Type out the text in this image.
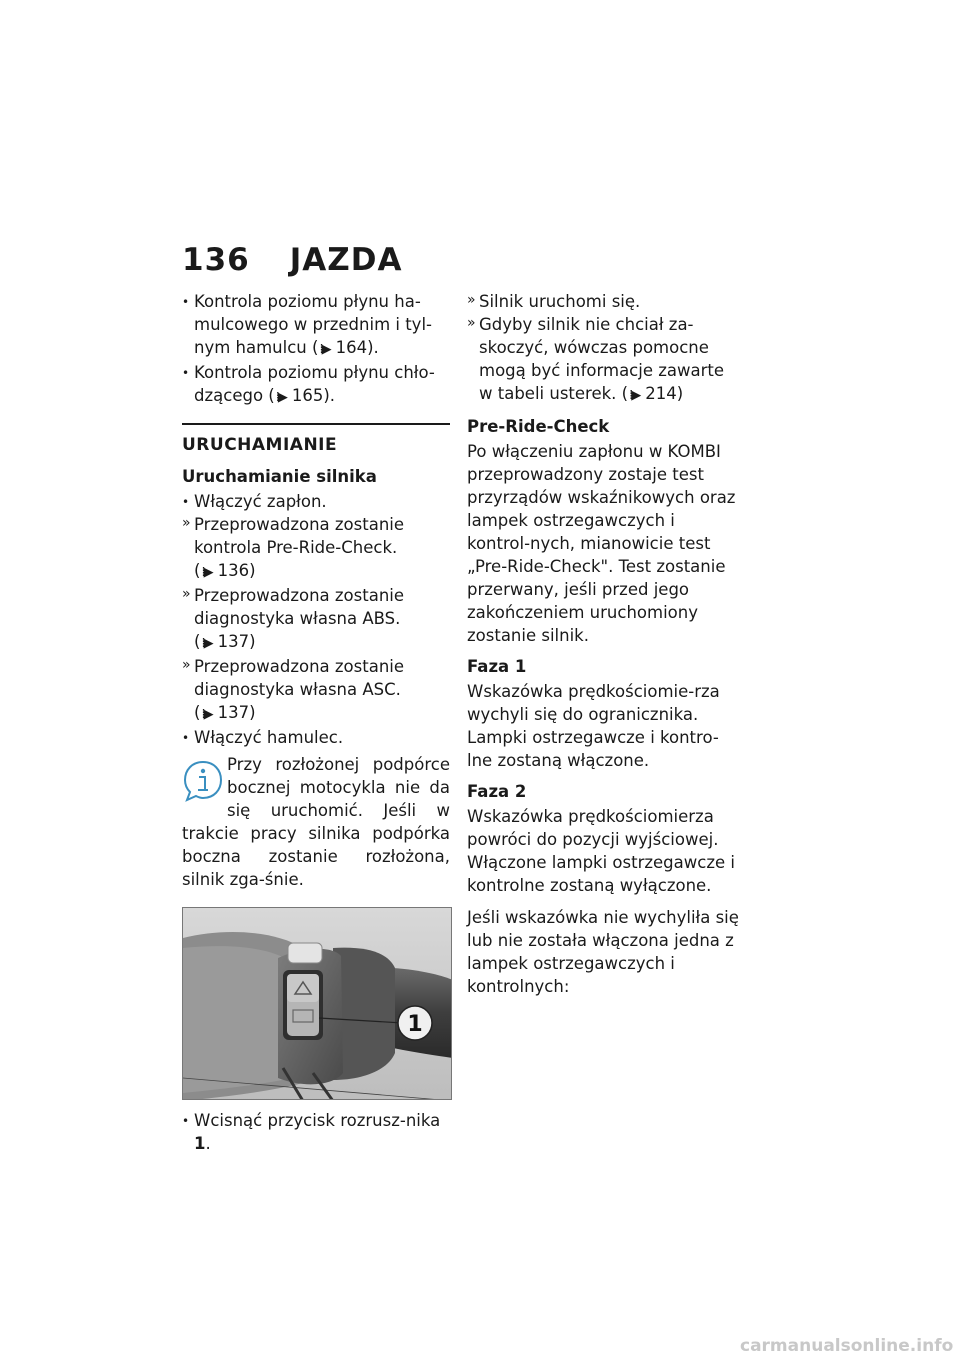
136 JAZDA
• Kontrola poziomu płynu ha-mulcowego w przednim i tyl-nym hamulcu (⁞▶ 164).
• Kontrola poziomu płynu chło-dzącego (⁞▶ 165).
URUCHAMIANIE
Uruchamianie silnika
• Włączyć zapłon.
» Przeprowadzona zostanie kontrola Pre-Ride-Check.
(⁞▶ 136)
» Przeprowadzona zostanie diagnostyka własna ABS.
(⁞▶ 137)
» Przeprowadzona zostanie diagnostyka własna ASC.
(⁞▶ 137)
• Włączyć hamulec.
Przy rozłożonej podpórce bocznej motocykla nie da się uruchomić. Jeśli w trakcie pracy silnika podpórka boczna zostanie rozłożona, silnik zga-śnie.
1
• Wcisnąć przycisk rozrusz-nika 1.
» Silnik uruchomi się.
» Gdyby silnik nie chciał za-skoczyć, wówczas pomocne mogą być informacje zawarte w tabeli usterek. (⁞▶ 214)
Pre-Ride-Check
Po włączeniu zapłonu w KOMBI przeprowadzony zostaje test przyrządów wskaźnikowych oraz lampek ostrzegawczych i kontrol-nych, mianowicie test „Pre-Ride-Check". Test zostanie przerwany, jeśli przed jego zakończeniem uruchomiony zostanie silnik.
Faza 1
Wskazówka prędkościomie-rza wychyli się do ogranicznika. Lampki ostrzegawcze i kontro-lne zostaną włączone.
Faza 2
Wskazówka prędkościomierza powróci do pozycji wyjściowej. Włączone lampki ostrzegawcze i kontrolne zostaną wyłączone.
Jeśli wskazówka nie wychyliła się lub nie została włączona jedna z lampek ostrzegawczych i kontrolnych:
carmanualsonline.info
